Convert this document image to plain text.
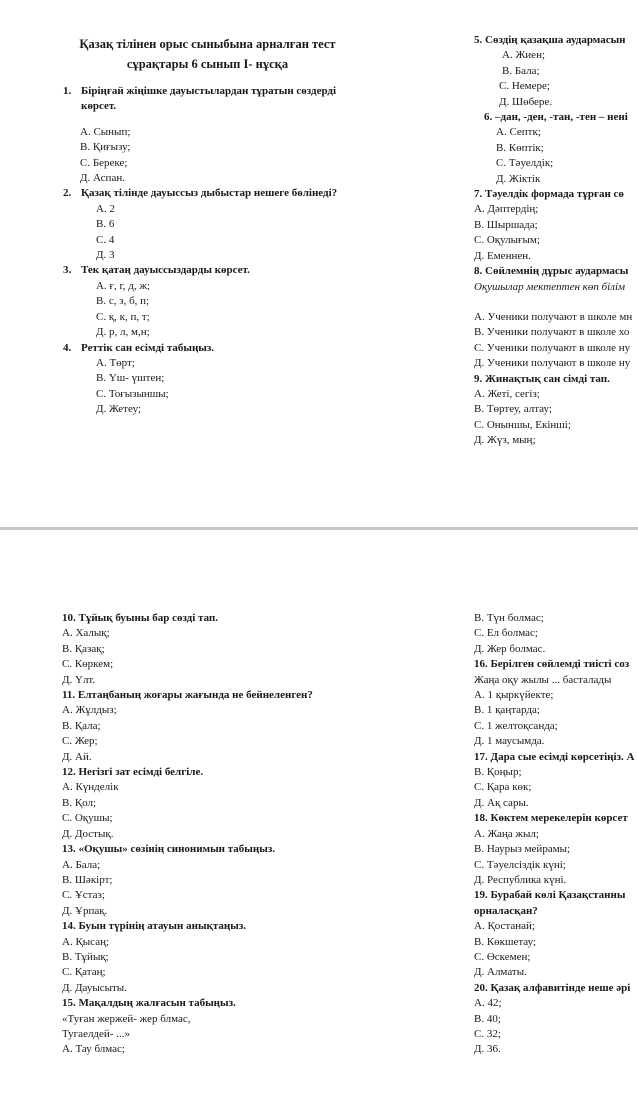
Қазақ тілінен орыс сыныбына арналған тест
сұрақтары 6 сынып І- нұсқа
1. Біріңғай жіңішке дауыстылардан тұратын сөздерді
көрсет.
А. Сынып;
В. Қиғызу;
С. Береке;
Д. Аспан.
2. Қазақ тілінде дауыссыз дыбыстар нешеге бөлінеді?
А. 2
В. 6
С. 4
Д. 3
3. Тек қатаң дауыссыздарды көрсет.
А. ғ, г, д, ж;
В. с, з, б, п;
С. қ, к, п, т;
Д. р, л, м,н;
4. Реттік сан есімді табыңыз.
А. Төрт;
В. Үш- үштен;
С. Тоғызыншы;
Д. Жетеу;
5. Сөздің қазақша аудармасын
А. Жиен;
В. Бала;
С. Немере;
Д. Шөбере.
6. –дан, -ден, -тан, -тен – нені
А. Септк;
В. Көптік;
С. Тәуелдік;
Д. Жіктік
7. Тәуелдік формада тұрған сө
А. Дәптердің;
В. Шыршада;
С. Оқулығым;
Д. Еменнен.
8. Сөйлемнің дұрыс аудармасы
Оқушылар мектептен көп білім
А. Ученики получают в школе мн
В. Ученики получают в школе хо
С. Ученики получают в школе ну
Д. Ученики получают в школе ну
9. Жинақтық сан сімді тап.
А. Жеті, сегіз;
В. Төртеу, алтау;
С. Оныншы, Екінші;
Д. Жүз, мың;
10. Тұйық буыны бар сөзді тап.
А. Халық;
В. Қазақ;
С. Көркем;
Д. Үлт.
11. Елтаңбаның жоғары жағында не бейнеленген?
А. Жұлдыз;
В. Қала;
С. Жер;
Д. Ай.
12. Негізгі зат есімді белгіле.
А. Күнделік
В. Қол;
С. Оқушы;
Д. Достық.
13. «Оқушы» сөзінің синонимын табыңыз.
А. Бала;
В. Шәкірт;
С. Ұстаз;
Д. Ұрпақ.
14. Буын түрінің атауын анықтаңыз.
А. Қысаң;
В. Тұйық;
С. Қатаң;
Д. Дауысыты.
15. Мақалдың жалғасын табыңыз.
«Туған жержей- жер блмас,
Тугаелдей- ...»
А. Тау блмас;
В. Түн болмас;
С. Ел болмас;
Д. Жер болмас.
16. Берілген сөйлемді тиісті соз
Жаңа оқу жылы ... басталады
А. 1 қыркүйекте;
В. 1 қаңтарда;
С. 1 желтоқсанда;
Д. 1 маусымда.
17. Дара сые есімді көрсетіңіз. А
В. Қоңыр;
С. Қара көк;
Д. Ақ сары.
18. Көктем мерекелерін көрсет
А. Жаңа жыл;
В. Наурыз мейрамы;
С. Тәуелсіздік күні;
Д. Республика күні.
19. Бурабай көлі Қазақстанны
орналасқан?
А. Қостанай;
В. Көкшетау;
С. Өскемен;
Д. Алматы.
20. Қазақ алфавитінде неше әрі
А. 42;
В. 40;
С. 32;
Д. 36.
